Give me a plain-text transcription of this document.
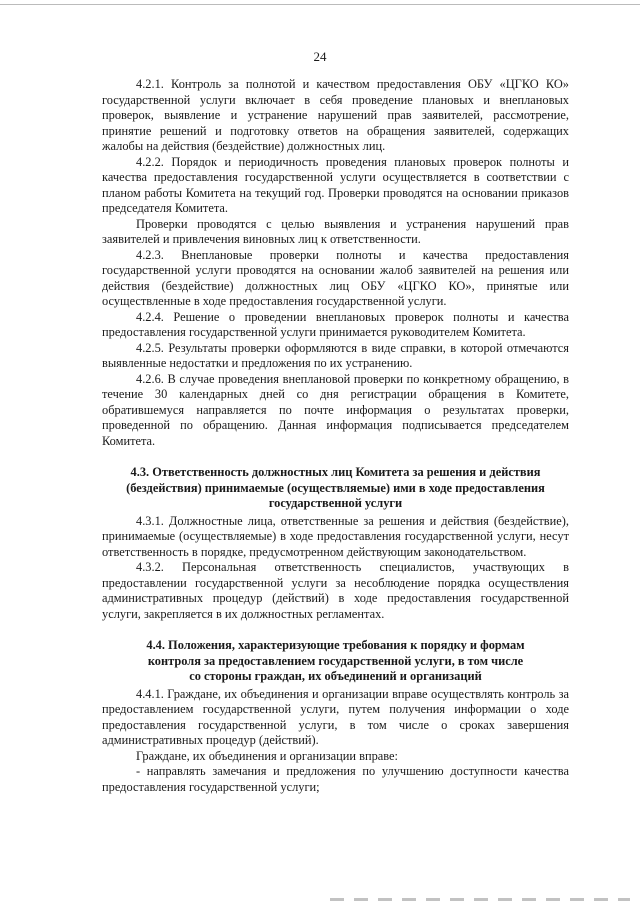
24

4.2.1. Контроль за полнотой и качеством предоставления ОБУ «ЦГКО КО» государственной услуги включает в себя проведение плановых и внеплановых проверок, выявление и устранение нарушений прав заявителей, рассмотрение, принятие решений и подготовку ответов на обращения заявителей, содержащих жалобы на действия (бездействие) должностных лиц.

4.2.2. Порядок и периодичность проведения плановых проверок полноты и качества предоставления государственной услуги осуществляется в соответствии с планом работы Комитета на текущий год. Проверки проводятся на основании приказов председателя Комитета.

Проверки проводятся с целью выявления и устранения нарушений прав заявителей и привлечения виновных лиц к ответственности.

4.2.3. Внеплановые проверки полноты и качества предоставления государственной услуги проводятся на основании жалоб заявителей на решения или действия (бездействие) должностных лиц ОБУ «ЦГКО КО», принятые или осуществленные в ходе предоставления государственной услуги.

4.2.4. Решение о проведении внеплановых проверок полноты и качества предоставления государственной услуги принимается руководителем Комитета.

4.2.5. Результаты проверки оформляются в виде справки, в которой отмечаются выявленные недостатки и предложения по их устранению.

4.2.6. В случае проведения внеплановой проверки по конкретному обращению, в течение 30 календарных дней со дня регистрации обращения в Комитете, обратившемуся направляется по почте информация о результатах проверки, проведенной по обращению. Данная информация подписывается председателем Комитета.

4.3. Ответственность должностных лиц Комитета за решения и действия
(бездействия) принимаемые (осуществляемые) ими в ходе предоставления
государственной услуги

4.3.1. Должностные лица, ответственные за решения и действия (бездействие), принимаемые (осуществляемые) в ходе предоставления государственной услуги, несут ответственность в порядке, предусмотренном действующим законодательством.

4.3.2. Персональная ответственность специалистов, участвующих в предоставлении государственной услуги за несоблюдение порядка осуществления административных процедур (действий) в ходе предоставления государственной услуги, закрепляется в их должностных регламентах.

4.4. Положения, характеризующие требования к порядку и формам
контроля за предоставлением государственной услуги, в том числе
со стороны граждан, их объединений и организаций

4.4.1. Граждане, их объединения и организации вправе осуществлять контроль за предоставлением государственной услуги, путем получения информации о ходе предоставления государственной услуги, в том числе о сроках завершения административных процедур (действий).

Граждане, их объединения и организации вправе:

- направлять замечания и предложения по улучшению доступности качества предоставления государственной услуги;
